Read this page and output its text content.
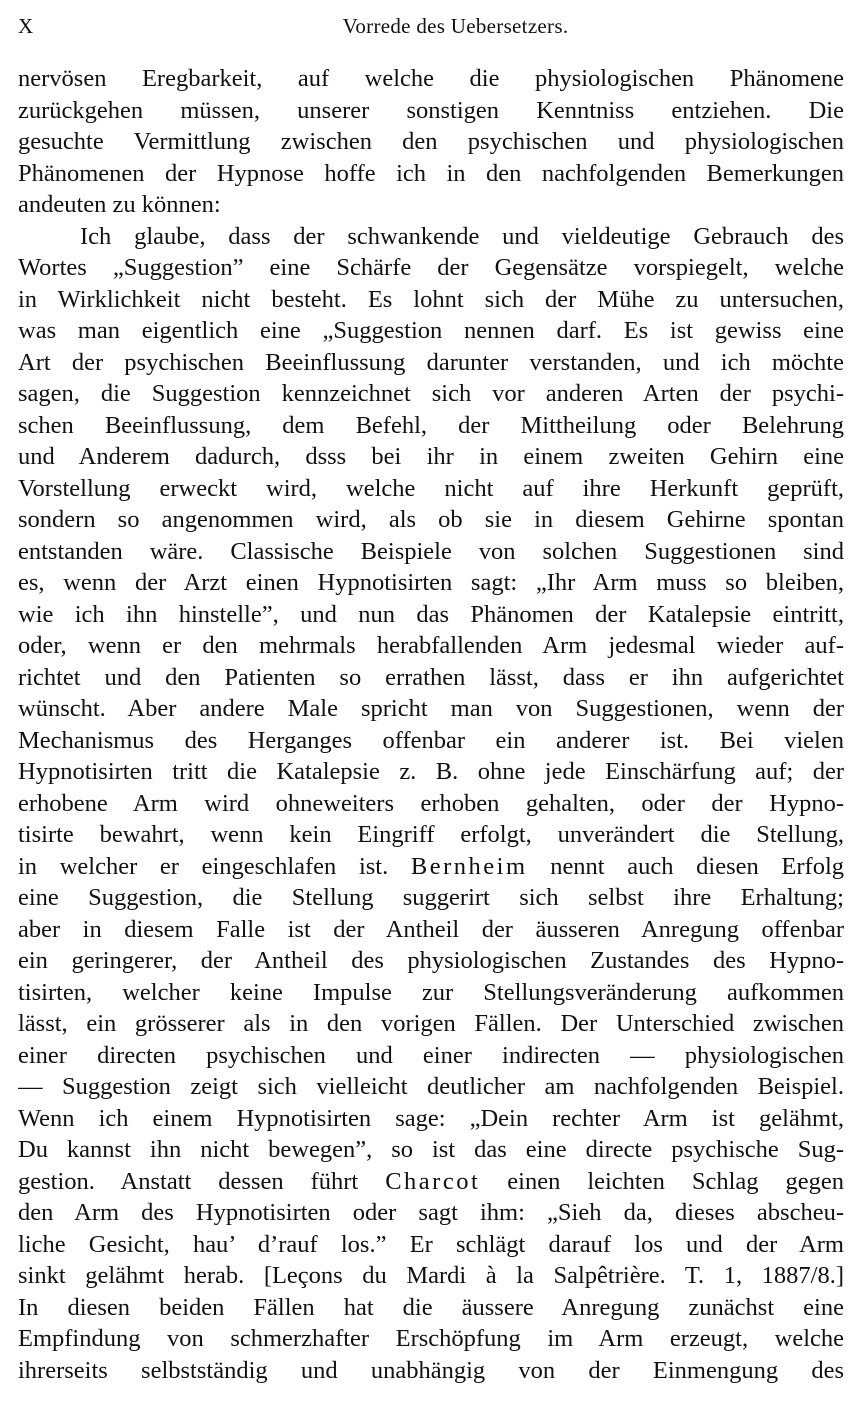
X	Vorrede des Uebersetzers.
nervösen Eregbarkeit, auf welche die physiologischen Phänomene
zurückgehen müssen, unserer sonstigen Kenntniss entziehen. Die
gesuchte Vermittlung zwischen den psychischen und physiologischen
Phänomenen der Hypnose hoffe ich in den nachfolgenden Bemerkungen
andeuten zu können:
Ich glaube, dass der schwankende und vieldeutige Gebrauch des
Wortes „Suggestion” eine Schärfe der Gegensätze vorspiegelt, welche
in Wirklichkeit nicht besteht. Es lohnt sich der Mühe zu untersuchen,
was man eigentlich eine „Suggestion nennen darf. Es ist gewiss eine
Art der psychischen Beeinflussung darunter verstanden, und ich möchte
sagen, die Suggestion kennzeichnet sich vor anderen Arten der psychi-
schen Beeinflussung, dem Befehl, der Mittheilung oder Belehrung
und Anderem dadurch, dsss bei ihr in einem zweiten Gehirn eine
Vorstellung erweckt wird, welche nicht auf ihre Herkunft geprüft,
sondern so angenommen wird, als ob sie in diesem Gehirne spontan
entstanden wäre. Classische Beispiele von solchen Suggestionen sind
es, wenn der Arzt einen Hypnotisirten sagt: „Ihr Arm muss so bleiben,
wie ich ihn hinstelle”, und nun das Phänomen der Katalepsie eintritt,
oder, wenn er den mehrmals herabfallenden Arm jedesmal wieder auf-
richtet und den Patienten so errathen lässt, dass er ihn aufgerichtet
wünscht. Aber andere Male spricht man von Suggestionen, wenn der
Mechanismus des Herganges offenbar ein anderer ist. Bei vielen
Hypnotisirten tritt die Katalepsie z. B. ohne jede Einschärfung auf; der
erhobene Arm wird ohneweiters erhoben gehalten, oder der Hypno-
tisirte bewahrt, wenn kein Eingriff erfolgt, unverändert die Stellung,
in welcher er eingeschlafen ist. Bernheim nennt auch diesen Erfolg
eine Suggestion, die Stellung suggerirt sich selbst ihre Erhaltung;
aber in diesem Falle ist der Antheil der äusseren Anregung offenbar
ein geringerer, der Antheil des physiologischen Zustandes des Hypno-
tisirten, welcher keine Impulse zur Stellungsveränderung aufkommen
lässt, ein grösserer als in den vorigen Fällen. Der Unterschied zwischen
einer directen psychischen und einer indirecten — physiologischen
— Suggestion zeigt sich vielleicht deutlicher am nachfolgenden Beispiel.
Wenn ich einem Hypnotisirten sage: „Dein rechter Arm ist gelähmt,
Du kannst ihn nicht bewegen”, so ist das eine directe psychische Sug-
gestion. Anstatt dessen führt Charcot einen leichten Schlag gegen
den Arm des Hypnotisirten oder sagt ihm: „Sieh da, dieses abscheu-
liche Gesicht, hau’ d’rauf los.” Er schlägt darauf los und der Arm
sinkt gelähmt herab. [Leçons du Mardi à la Salpêtrière. T. 1, 1887/8.]
In diesen beiden Fällen hat die äussere Anregung zunächst eine
Empfindung von schmerzhafter Erschöpfung im Arm erzeugt, welche
ihrerseits selbstständig und unabhängig von der Einmengung des
